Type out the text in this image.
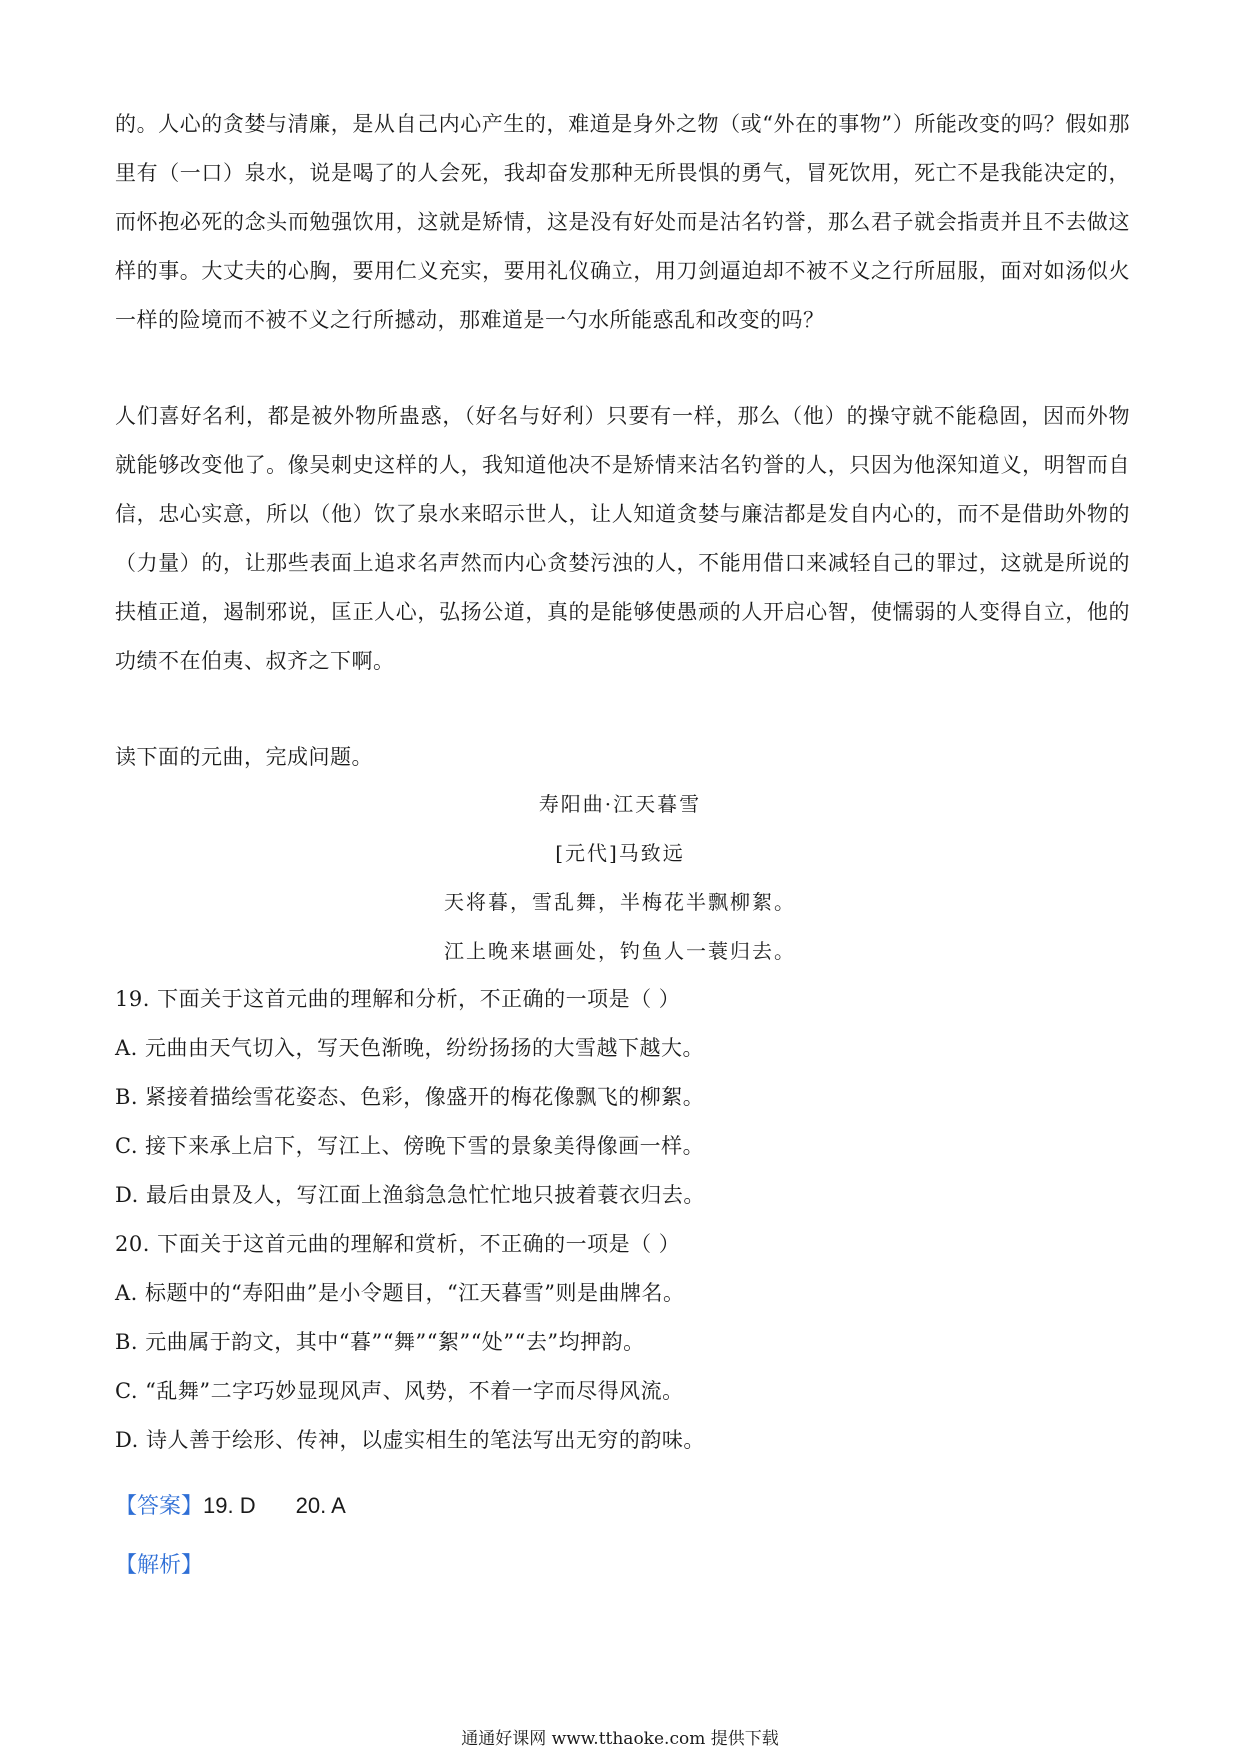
的。人心的贪婪与清廉，是从自己内心产生的，难道是身外之物（或“外在的事物”）所能改变的吗？假如那里有（一口）泉水，说是喝了的人会死，我却奋发那种无所畏惧的勇气，冒死饮用，死亡不是我能决定的，而怀抱必死的念头而勉强饮用，这就是矫情，这是没有好处而是沽名钓誉，那么君子就会指责并且不去做这样的事。大丈夫的心胸，要用仁义充实，要用礼仪确立，用刀剑逼迫却不被不义之行所屈服，面对如汤似火一样的险境而不被不义之行所撼动，那难道是一勺水所能惑乱和改变的吗？

人们喜好名利，都是被外物所蛊惑，（好名与好利）只要有一样，那么（他）的操守就不能稳固，因而外物就能够改变他了。像吴刺史这样的人，我知道他决不是矫情来沽名钓誉的人，只因为他深知道义，明智而自信，忠心实意，所以（他）饮了泉水来昭示世人，让人知道贪婪与廉洁都是发自内心的，而不是借助外物的（力量）的，让那些表面上追求名声然而内心贪婪污浊的人，不能用借口来减轻自己的罪过，这就是所说的扶植正道，遏制邪说，匡正人心，弘扬公道，真的是能够使愚顽的人开启心智，使懦弱的人变得自立，他的功绩不在伯夷、叔齐之下啊。

读下面的元曲，完成问题。

寿阳曲·江天暮雪

[元代]马致远

天将暮，雪乱舞，半梅花半飘柳絮。

江上晚来堪画处，钓鱼人一蓑归去。

19. 下面关于这首元曲的理解和分析，不正确的一项是（ ）

A. 元曲由天气切入，写天色渐晚，纷纷扬扬的大雪越下越大。

B. 紧接着描绘雪花姿态、色彩，像盛开的梅花像飘飞的柳絮。

C. 接下来承上启下，写江上、傍晚下雪的景象美得像画一样。

D. 最后由景及人，写江面上渔翁急急忙忙地只披着蓑衣归去。

20. 下面关于这首元曲的理解和赏析，不正确的一项是（ ）

A. 标题中的“寿阳曲”是小令题目，“江天暮雪”则是曲牌名。

B. 元曲属于韵文，其中“暮”“舞”“絮”“处”“去”均押韵。

C. “乱舞”二字巧妙显现风声、风势，不着一字而尽得风流。

D. 诗人善于绘形、传神，以虚实相生的笔法写出无穷的韵味。

【答案】19. D 20. A
【解析】
通通好课网 www.tthaoke.com 提供下载
